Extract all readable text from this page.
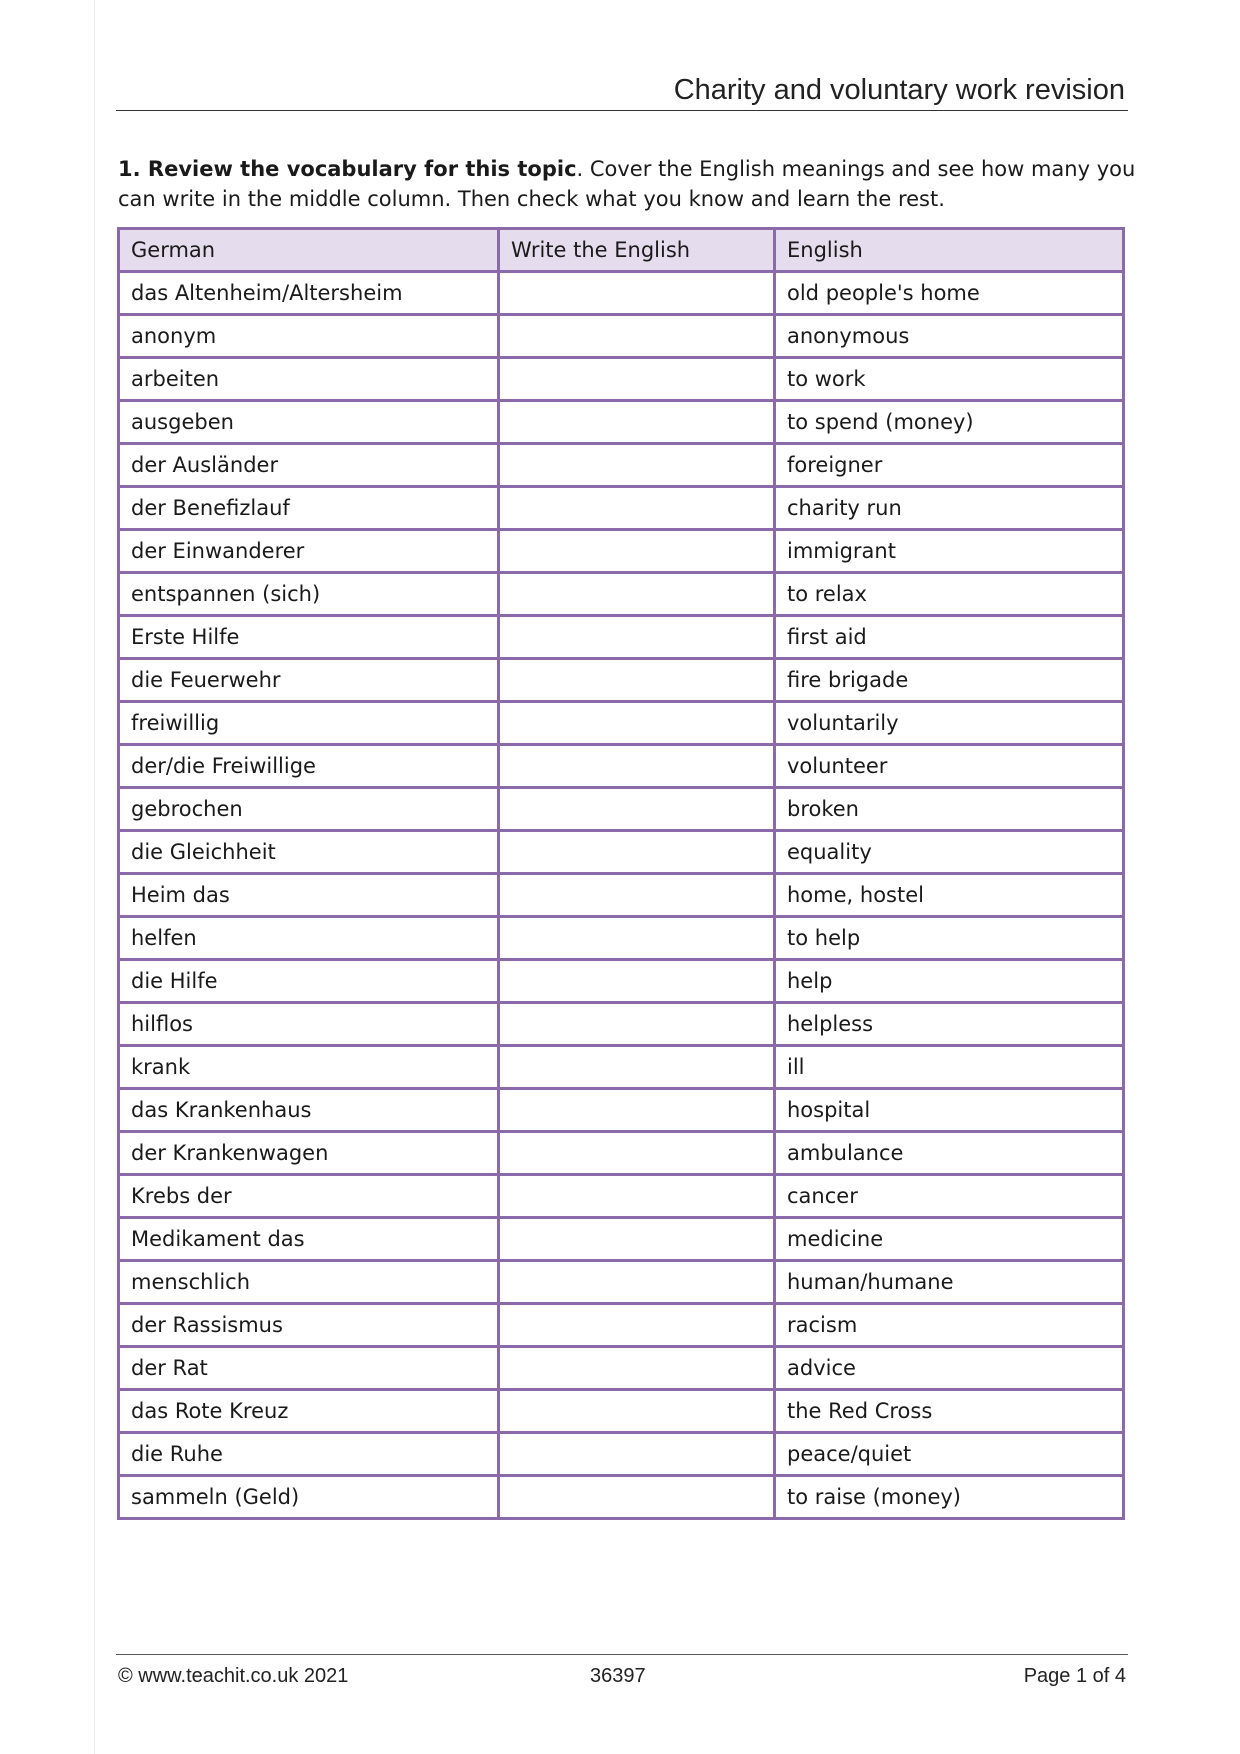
Charity and voluntary work revision

1. Review the vocabulary for this topic. Cover the English meanings and see how many you can write in the middle column. Then check what you know and learn the rest.

German	Write the English	English
das Altenheim/Altersheim		old people's home
anonym		anonymous
arbeiten		to work
ausgeben		to spend (money)
der Ausländer		foreigner
der Benefizlauf		charity run
der Einwanderer		immigrant
entspannen (sich)		to relax
Erste Hilfe		first aid
die Feuerwehr		fire brigade
freiwillig		voluntarily
der/die Freiwillige		volunteer
gebrochen		broken
die Gleichheit		equality
Heim das		home, hostel
helfen		to help
die Hilfe		help
hilflos		helpless
krank		ill
das Krankenhaus		hospital
der Krankenwagen		ambulance
Krebs der		cancer
Medikament das		medicine
menschlich		human/humane
der Rassismus		racism
der Rat		advice
das Rote Kreuz		the Red Cross
die Ruhe		peace/quiet
sammeln (Geld)		to raise (money)
© www.teachit.co.uk 2021	36397	Page 1 of 4
